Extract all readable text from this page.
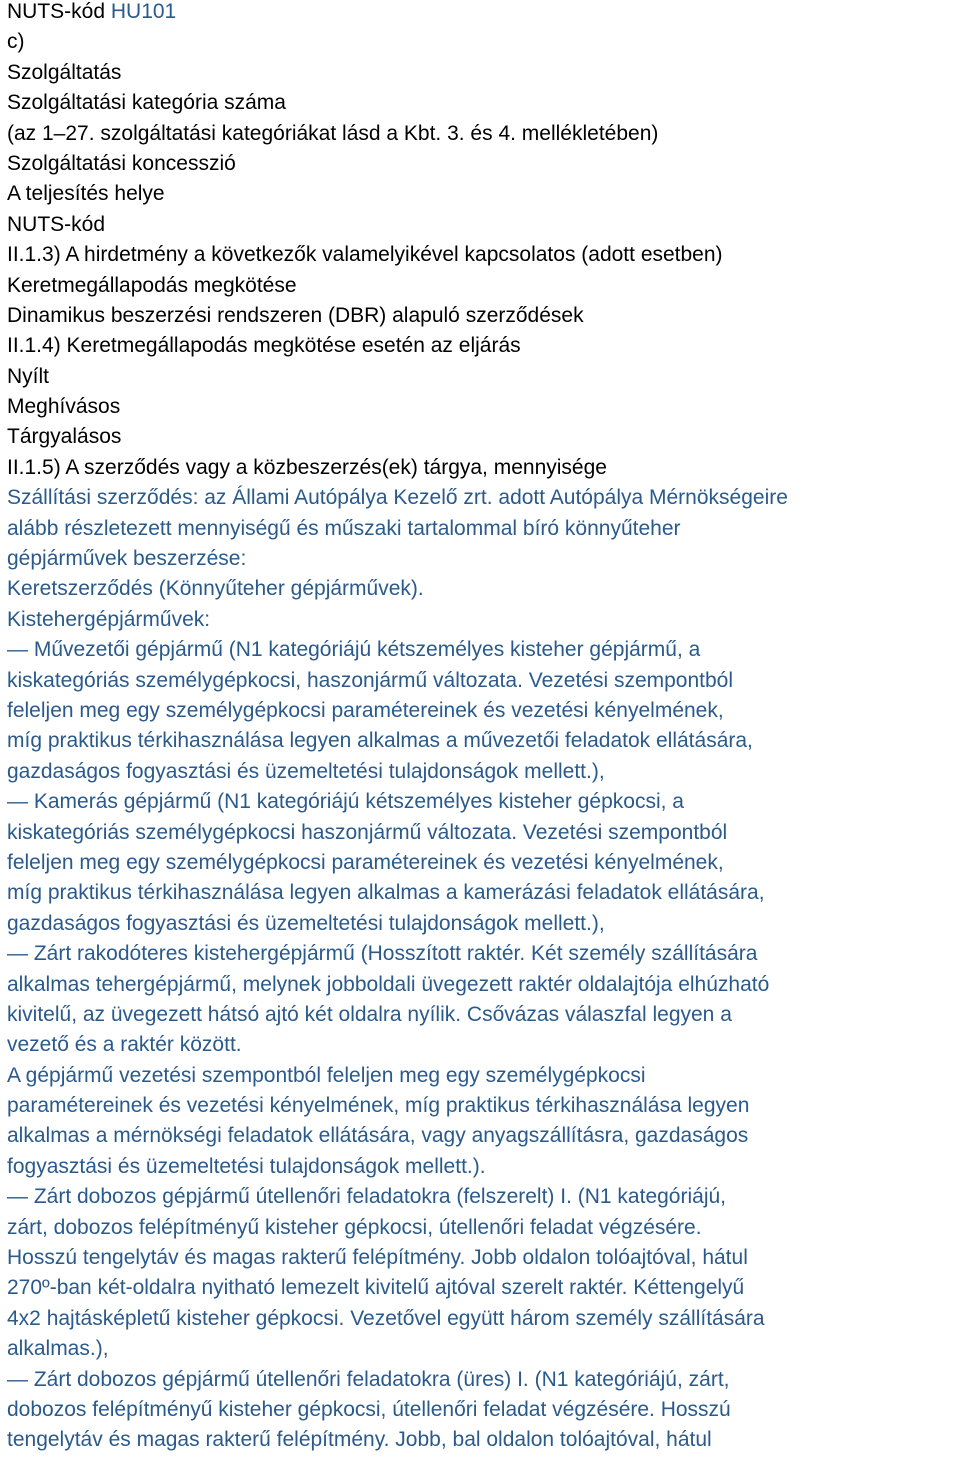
NUTS-kód HU101
c)
Szolgáltatás
Szolgáltatási kategória száma
(az 1–27. szolgáltatási kategóriákat lásd a Kbt. 3. és 4. mellékletében)
Szolgáltatási koncesszió
A teljesítés helye
NUTS-kód
II.1.3) A hirdetmény a következők valamelyikével kapcsolatos (adott esetben)
Keretmegállapodás megkötése
Dinamikus beszerzési rendszeren (DBR) alapuló szerződések
II.1.4) Keretmegállapodás megkötése esetén az eljárás
Nyílt
Meghívásos
Tárgyalásos
II.1.5) A szerződés vagy a közbeszerzés(ek) tárgya, mennyisége
Szállítási szerződés: az Állami Autópálya Kezelő zrt. adott Autópálya Mérnökségeire
alább részletezett mennyiségű és műszaki tartalommal bíró könnyűteher
gépjárművek beszerzése:
Keretszerződés (Könnyűteher gépjárművek).
Kistehergépjárművek:
— Művezetői gépjármű (N1 kategóriájú kétszemélyes kisteher gépjármű, a
kiskategóriás személygépkocsi, haszonjármű változata. Vezetési szempontból
feleljen meg egy személygépkocsi paramétereinek és vezetési kényelmének,
míg praktikus térkihasználása legyen alkalmas a művezetői feladatok ellátására,
gazdaságos fogyasztási és üzemeltetési tulajdonságok mellett.),
— Kamerás gépjármű (N1 kategóriájú kétszemélyes kisteher gépkocsi, a
kiskategóriás személygépkocsi haszonjármű változata. Vezetési szempontból
feleljen meg egy személygépkocsi paramétereinek és vezetési kényelmének,
míg praktikus térkihasználása legyen alkalmas a kamerázási feladatok ellátására,
gazdaságos fogyasztási és üzemeltetési tulajdonságok mellett.),
— Zárt rakodóteres kistehergépjármű (Hosszított raktér. Két személy szállítására
alkalmas tehergépjármű, melynek jobboldali üvegezett raktér oldalajtója elhúzható
kivitelű, az üvegezett hátsó ajtó két oldalra nyílik. Csővázas válaszfal legyen a
vezető és a raktér között.
A gépjármű vezetési szempontból feleljen meg egy személygépkocsi
paramétereinek és vezetési kényelmének, míg praktikus térkihasználása legyen
alkalmas a mérnökségi feladatok ellátására, vagy anyagszállításra, gazdaságos
fogyasztási és üzemeltetési tulajdonságok mellett.).
— Zárt dobozos gépjármű útellenőri feladatokra (felszerelt) I. (N1 kategóriájú,
zárt, dobozos felépítményű kisteher gépkocsi, útellenőri feladat végzésére.
Hosszú tengelytáv és magas rakterű felépítmény. Jobb oldalon tolóajtóval, hátul
270º-ban két-oldalra nyitható lemezelt kivitelű ajtóval szerelt raktér. Kéttengelyű
4x2 hajtásképletű kisteher gépkocsi. Vezetővel együtt három személy szállítására
alkalmas.),
— Zárt dobozos gépjármű útellenőri feladatokra (üres) I. (N1 kategóriájú, zárt,
dobozos felépítményű kisteher gépkocsi, útellenőri feladat végzésére. Hosszú
tengelytáv és magas rakterű felépítmény. Jobb, bal oldalon tolóajtóval, hátul
